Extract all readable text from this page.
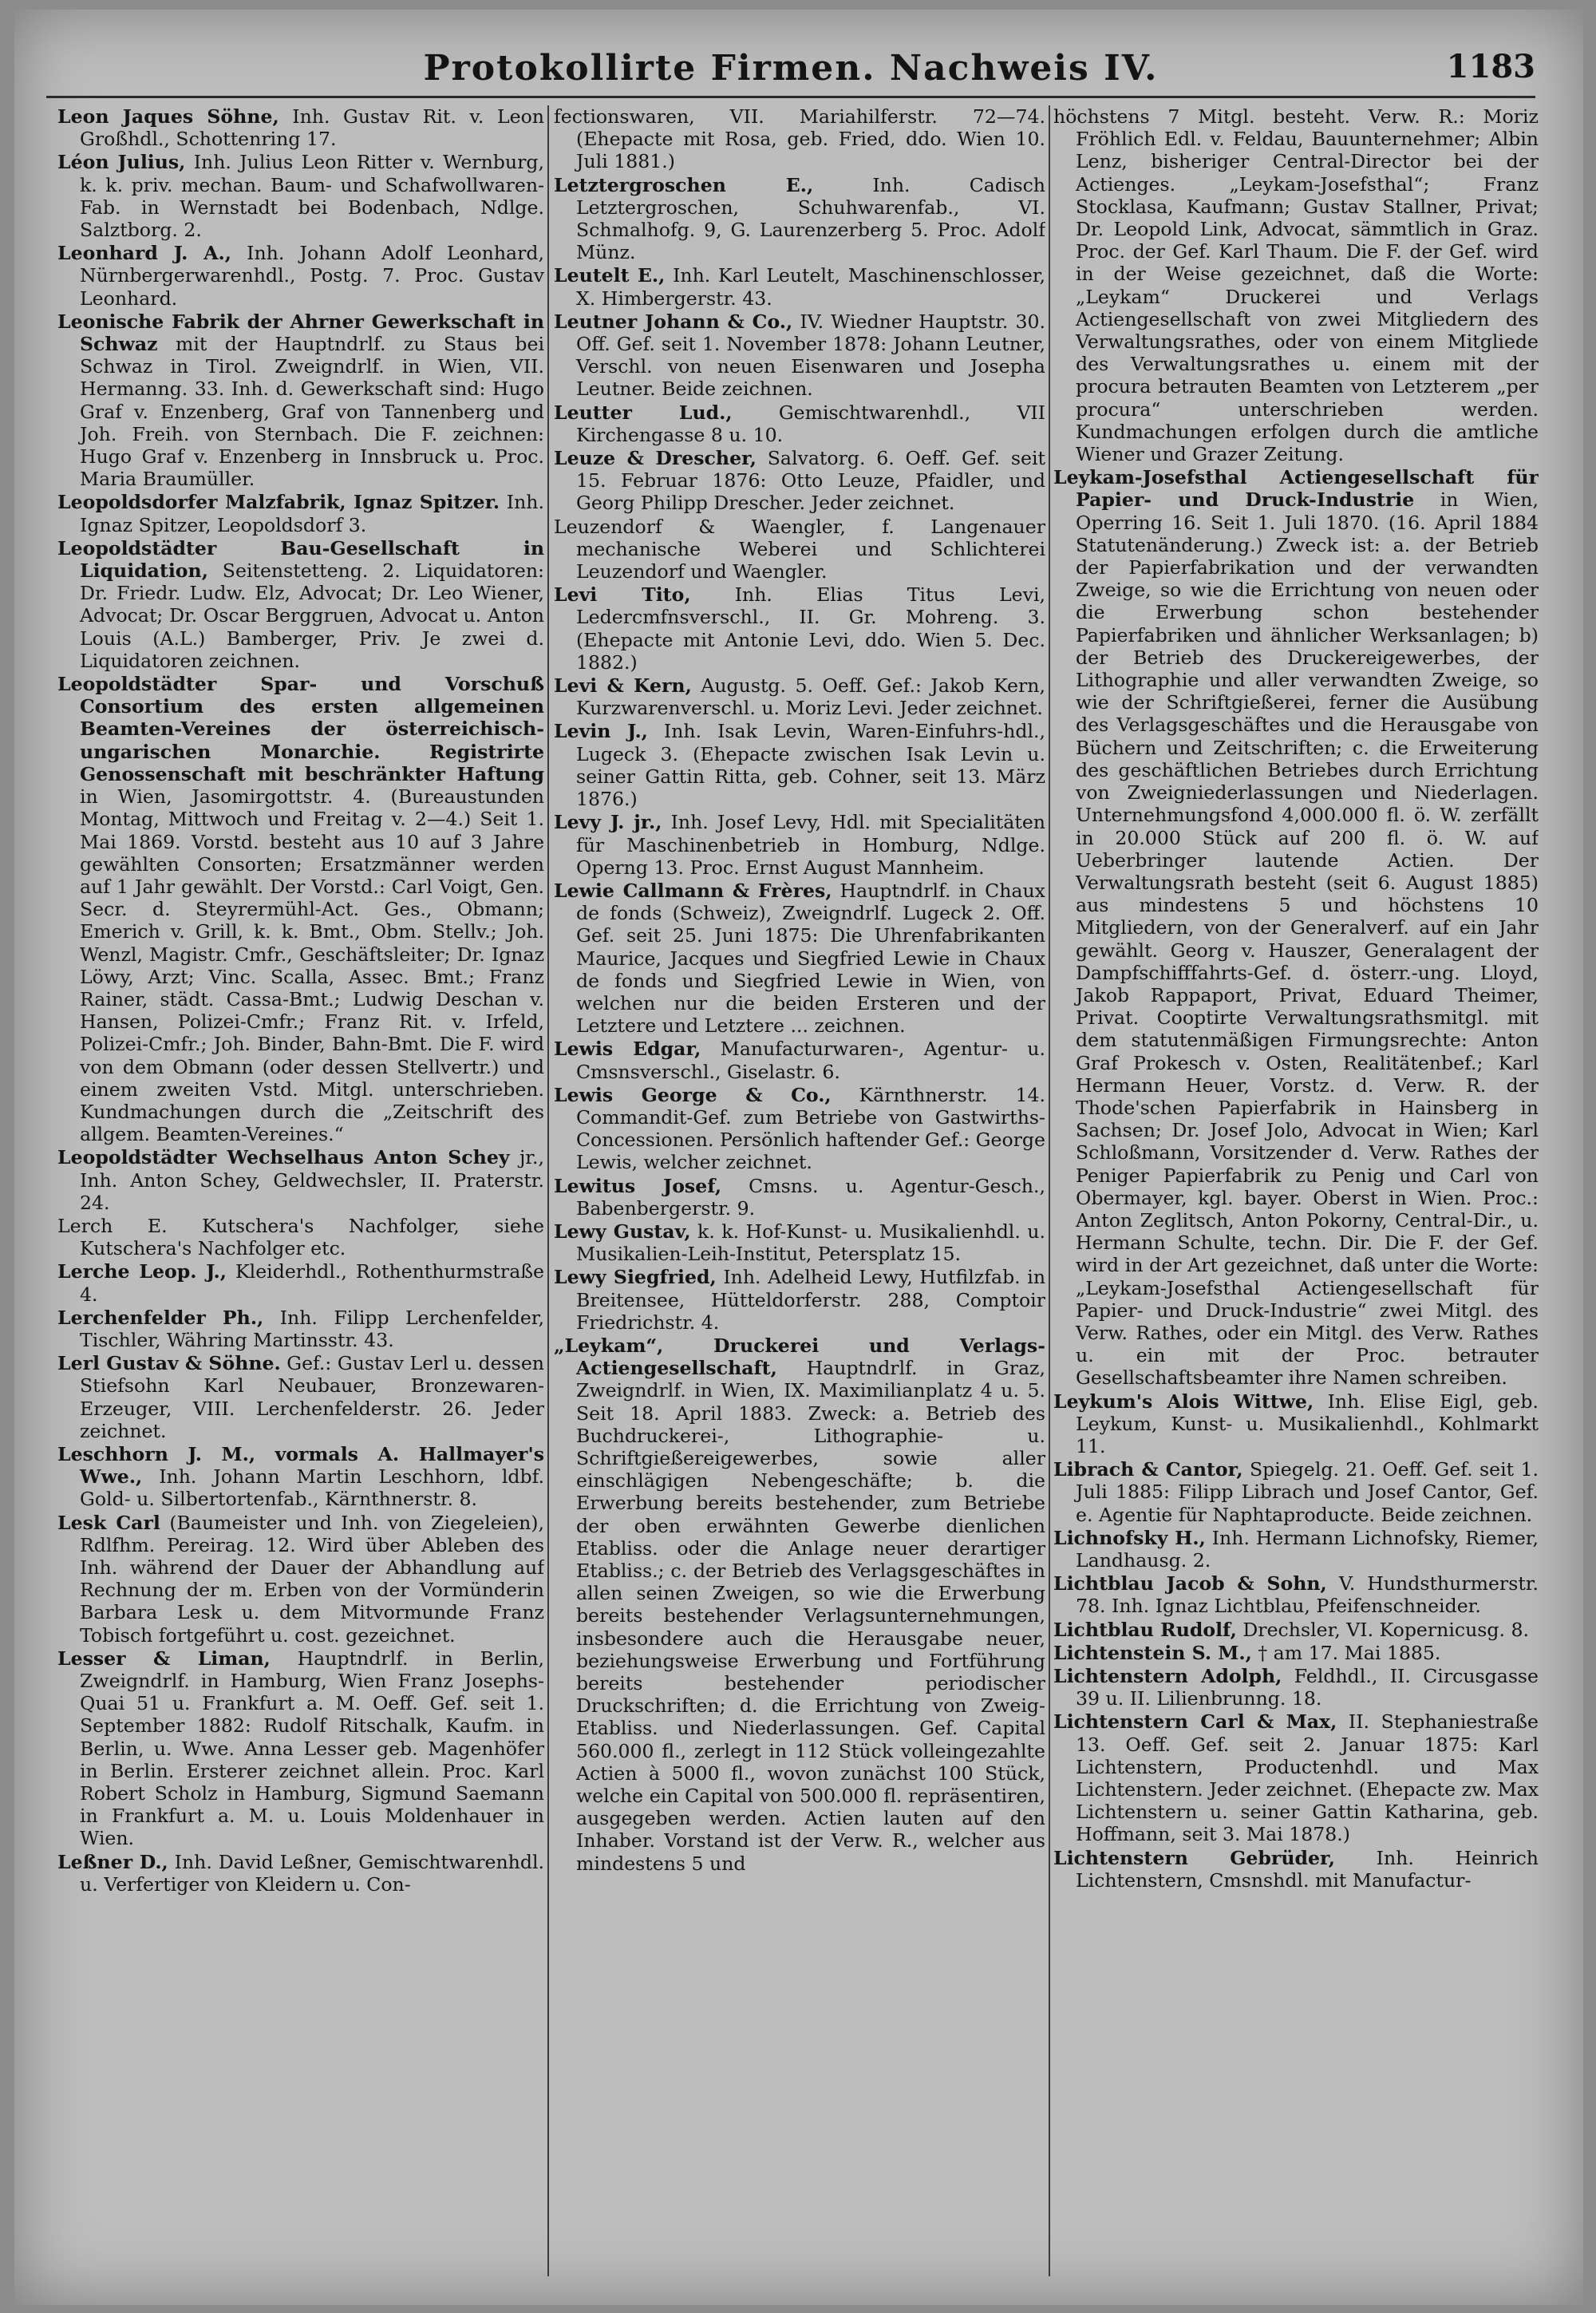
Protokollirte Firmen. Nachweis IV.	1183

Leon Jaques Söhne, Inh. Gustav Rit. v. Leon Großhdl., Schottenring 17.

Léon Julius, Inh. Julius Leon Ritter v. Wernburg, k. k. priv. mechan. Baum- und Schafwollwaren-Fab. in Wernstadt bei Bodenbach, Ndlge. Salztborg. 2.

Leonhard J. A., Inh. Johann Adolf Leonhard, Nürnbergerwarenhdl., Postg. 7. Proc. Gustav Leonhard.

Leonische Fabrik der Ahrner Gewerkschaft in Schwaz mit der Hauptndrlf. zu Staus bei Schwaz in Tirol. Zweigndrlf. in Wien, VII. Hermanng. 33. Inh. d. Gewerkschaft sind: Hugo Graf v. Enzenberg, Graf von Tannenberg und Joh. Freih. von Sternbach. Die F. zeichnen: Hugo Graf v. Enzenberg in Innsbruck u. Proc. Maria Braumüller.

Leopoldsdorfer Malzfabrik, Ignaz Spitzer. Inh. Ignaz Spitzer, Leopoldsdorf 3.

Leopoldstädter Bau-Gesellschaft in Liquidation, Seitenstetteng. 2. Liquidatoren: Dr. Friedr. Ludw. Elz, Advocat; Dr. Leo Wiener, Advocat; Dr. Oscar Berggruen, Advocat u. Anton Louis (A.L.) Bamberger, Priv. Je zwei d. Liquidatoren zeichnen.

Leopoldstädter Spar- und Vorschuß Consortium des ersten allgemeinen Beamten-Vereines der österreichisch-ungarischen Monarchie. Registrirte Genossenschaft mit beschränkter Haftung in Wien, Jasomirgottstr. 4. (Bureaustunden Montag, Mittwoch und Freitag v. 2—4.) Seit 1. Mai 1869. Vorstd. besteht aus 10 auf 3 Jahre gewählten Consorten; Ersatzmänner werden auf 1 Jahr gewählt. Der Vorstd.: Carl Voigt, Gen. Secr. d. Steyrermühl-Act. Ges., Obmann; Emerich v. Grill, k. k. Bmt., Obm. Stellv.; Joh. Wenzl, Magistr. Cmfr., Geschäftsleiter; Dr. Ignaz Löwy, Arzt; Vinc. Scalla, Assec. Bmt.; Franz Rainer, städt. Cassa-Bmt.; Ludwig Deschan v. Hansen, Polizei-Cmfr.; Franz Rit. v. Irfeld, Polizei-Cmfr.; Joh. Binder, Bahn-Bmt. Die F. wird von dem Obmann (oder dessen Stellvertr.) und einem zweiten Vstd. Mitgl. unterschrieben. Kundmachungen durch die „Zeitschrift des allgem. Beamten-Vereines.“

Leopoldstädter Wechselhaus Anton Schey jr., Inh. Anton Schey, Geldwechsler, II. Praterstr. 24.

Lerch E. Kutschera's Nachfolger, siehe Kutschera's Nachfolger etc.

Lerche Leop. J., Kleiderhdl., Rothenthurmstraße 4.

Lerchenfelder Ph., Inh. Filipp Lerchenfelder, Tischler, Währing Martinsstr. 43.

Lerl Gustav & Söhne. Gef.: Gustav Lerl u. dessen Stiefsohn Karl Neubauer, Bronzewaren-Erzeuger, VIII. Lerchenfelderstr. 26. Jeder zeichnet.

Leschhorn J. M., vormals A. Hallmayer's Wwe., Inh. Johann Martin Leschhorn, ldbf. Gold- u. Silbertortenfab., Kärnthnerstr. 8.

Lesk Carl (Baumeister und Inh. von Ziegeleien), Rdlfhm. Pereirag. 12. Wird über Ableben des Inh. während der Dauer der Abhandlung auf Rechnung der m. Erben von der Vormünderin Barbara Lesk u. dem Mitvormunde Franz Tobisch fortgeführt u. cost. gezeichnet.

Lesser & Liman, Hauptndrlf. in Berlin, Zweigndrlf. in Hamburg, Wien Franz Josephs-Quai 51 u. Frankfurt a. M. Oeff. Gef. seit 1. September 1882: Rudolf Ritschalk, Kaufm. in Berlin, u. Wwe. Anna Lesser geb. Magenhöfer in Berlin. Ersterer zeichnet allein. Proc. Karl Robert Scholz in Hamburg, Sigmund Saemann in Frankfurt a. M. u. Louis Moldenhauer in Wien.

Leßner D., Inh. David Leßner, Gemischtwarenhdl. u. Verfertiger von Kleidern u. Con-

fectionswaren, VII. Mariahilferstr. 72—74. (Ehepacte mit Rosa, geb. Fried, ddo. Wien 10. Juli 1881.)

Letztergroschen E., Inh. Cadisch Letztergroschen, Schuhwarenfab., VI. Schmalhofg. 9, G. Laurenzerberg 5. Proc. Adolf Münz.

Leutelt E., Inh. Karl Leutelt, Maschinenschlosser, X. Himbergerstr. 43.

Leutner Johann & Co., IV. Wiedner Hauptstr. 30. Off. Gef. seit 1. November 1878: Johann Leutner, Verschl. von neuen Eisenwaren und Josepha Leutner. Beide zeichnen.

Leutter Lud., Gemischtwarenhdl., VII Kirchengasse 8 u. 10.

Leuze & Drescher, Salvatorg. 6. Oeff. Gef. seit 15. Februar 1876: Otto Leuze, Pfaidler, und Georg Philipp Drescher. Jeder zeichnet.

Leuzendorf & Waengler, f. Langenauer mechanische Weberei und Schlichterei Leuzendorf und Waengler.

Levi Tito, Inh. Elias Titus Levi, Ledercmfnsverschl., II. Gr. Mohreng. 3. (Ehepacte mit Antonie Levi, ddo. Wien 5. Dec. 1882.)

Levi & Kern, Augustg. 5. Oeff. Gef.: Jakob Kern, Kurzwarenverschl. u. Moriz Levi. Jeder zeichnet.

Levin J., Inh. Isak Levin, Waren-Einfuhrs-hdl., Lugeck 3. (Ehepacte zwischen Isak Levin u. seiner Gattin Ritta, geb. Cohner, seit 13. März 1876.)

Levy J. jr., Inh. Josef Levy, Hdl. mit Specialitäten für Maschinenbetrieb in Homburg, Ndlge. Operng 13. Proc. Ernst August Mannheim.

Lewie Callmann & Frères, Hauptndrlf. in Chaux de fonds (Schweiz), Zweigndrlf. Lugeck 2. Off. Gef. seit 25. Juni 1875: Die Uhrenfabrikanten Maurice, Jacques und Siegfried Lewie in Chaux de fonds und Siegfried Lewie in Wien, von welchen nur die beiden Ersteren und der Letztere und Letztere ... zeichnen.

Lewis Edgar, Manufacturwaren-, Agentur- u. Cmsnsverschl., Giselastr. 6.

Lewis George & Co., Kärnthnerstr. 14. Commandit-Gef. zum Betriebe von Gastwirths-Concessionen. Persönlich haftender Gef.: George Lewis, welcher zeichnet.

Lewitus Josef, Cmsns. u. Agentur-Gesch., Babenbergerstr. 9.

Lewy Gustav, k. k. Hof-Kunst- u. Musikalienhdl. u. Musikalien-Leih-Institut, Petersplatz 15.

Lewy Siegfried, Inh. Adelheid Lewy, Hutfilzfab. in Breitensee, Hütteldorferstr. 288, Comptoir Friedrichstr. 4.

„Leykam“, Druckerei und Verlags-Actiengesellschaft, Hauptndrlf. in Graz, Zweigndrlf. in Wien, IX. Maximilianplatz 4 u. 5. Seit 18. April 1883. Zweck: a. Betrieb des Buchdruckerei-, Lithographie- u. Schriftgießereigewerbes, sowie aller einschlägigen Nebengeschäfte; b. die Erwerbung bereits bestehender, zum Betriebe der oben erwähnten Gewerbe dienlichen Etabliss. oder die Anlage neuer derartiger Etabliss.; c. der Betrieb des Verlagsgeschäftes in allen seinen Zweigen, so wie die Erwerbung bereits bestehender Verlagsunternehmungen, insbesondere auch die Herausgabe neuer, beziehungsweise Erwerbung und Fortführung bereits bestehender periodischer Druckschriften; d. die Errichtung von Zweig-Etabliss. und Niederlassungen. Gef. Capital 560.000 fl., zerlegt in 112 Stück volleingezahlte Actien à 5000 fl., wovon zunächst 100 Stück, welche ein Capital von 500.000 fl. repräsentiren, ausgegeben werden. Actien lauten auf den Inhaber. Vorstand ist der Verw. R., welcher aus mindestens 5 und

höchstens 7 Mitgl. besteht. Verw. R.: Moriz Fröhlich Edl. v. Feldau, Bauunternehmer; Albin Lenz, bisheriger Central-Director bei der Actienges. „Leykam-Josefsthal“; Franz Stocklasa, Kaufmann; Gustav Stallner, Privat; Dr. Leopold Link, Advocat, sämmtlich in Graz. Proc. der Gef. Karl Thaum. Die F. der Gef. wird in der Weise gezeichnet, daß die Worte: „Leykam“ Druckerei und Verlags Actiengesellschaft von zwei Mitgliedern des Verwaltungsrathes, oder von einem Mitgliede des Verwaltungsrathes u. einem mit der procura betrauten Beamten von Letzterem „per procura“ unterschrieben werden. Kundmachungen erfolgen durch die amtliche Wiener und Grazer Zeitung.

Leykam-Josefsthal Actiengesellschaft für Papier- und Druck-Industrie in Wien, Operring 16. Seit 1. Juli 1870. (16. April 1884 Statutenänderung.) Zweck ist: a. der Betrieb der Papierfabrikation und der verwandten Zweige, so wie die Errichtung von neuen oder die Erwerbung schon bestehender Papierfabriken und ähnlicher Werksanlagen; b) der Betrieb des Druckereigewerbes, der Lithographie und aller verwandten Zweige, so wie der Schriftgießerei, ferner die Ausübung des Verlagsgeschäftes und die Herausgabe von Büchern und Zeitschriften; c. die Erweiterung des geschäftlichen Betriebes durch Errichtung von Zweigniederlassungen und Niederlagen. Unternehmungsfond 4,000.000 fl. ö. W. zerfällt in 20.000 Stück auf 200 fl. ö. W. auf Ueberbringer lautende Actien. Der Verwaltungsrath besteht (seit 6. August 1885) aus mindestens 5 und höchstens 10 Mitgliedern, von der Generalverf. auf ein Jahr gewählt. Georg v. Hauszer, Generalagent der Dampfschifffahrts-Gef. d. österr.-ung. Lloyd, Jakob Rappaport, Privat, Eduard Theimer, Privat. Cooptirte Verwaltungsrathsmitgl. mit dem statutenmäßigen Firmungsrechte: Anton Graf Prokesch v. Osten, Realitätenbef.; Karl Hermann Heuer, Vorstz. d. Verw. R. der Thode'schen Papierfabrik in Hainsberg in Sachsen; Dr. Josef Jolo, Advocat in Wien; Karl Schloßmann, Vorsitzender d. Verw. Rathes der Peniger Papierfabrik zu Penig und Carl von Obermayer, kgl. bayer. Oberst in Wien. Proc.: Anton Zeglitsch, Anton Pokorny, Central-Dir., u. Hermann Schulte, techn. Dir. Die F. der Gef. wird in der Art gezeichnet, daß unter die Worte: „Leykam-Josefsthal Actiengesellschaft für Papier- und Druck-Industrie“ zwei Mitgl. des Verw. Rathes, oder ein Mitgl. des Verw. Rathes u. ein mit der Proc. betrauter Gesellschaftsbeamter ihre Namen schreiben.

Leykum's Alois Wittwe, Inh. Elise Eigl, geb. Leykum, Kunst- u. Musikalienhdl., Kohlmarkt 11.

Librach & Cantor, Spiegelg. 21. Oeff. Gef. seit 1. Juli 1885: Filipp Librach und Josef Cantor, Gef. e. Agentie für Naphtaproducte. Beide zeichnen.

Lichnofsky H., Inh. Hermann Lichnofsky, Riemer, Landhausg. 2.

Lichtblau Jacob & Sohn, V. Hundsthurmerstr. 78. Inh. Ignaz Lichtblau, Pfeifenschneider.

Lichtblau Rudolf, Drechsler, VI. Kopernicusg. 8.

Lichtenstein S. M., † am 17. Mai 1885.

Lichtenstern Adolph, Feldhdl., II. Circusgasse 39 u. II. Lilienbrunng. 18.

Lichtenstern Carl & Max, II. Stephaniestraße 13. Oeff. Gef. seit 2. Januar 1875: Karl Lichtenstern, Productenhdl. und Max Lichtenstern. Jeder zeichnet. (Ehepacte zw. Max Lichtenstern u. seiner Gattin Katharina, geb. Hoffmann, seit 3. Mai 1878.)

Lichtenstern Gebrüder, Inh. Heinrich Lichtenstern, Cmsnshdl. mit Manufactur-
